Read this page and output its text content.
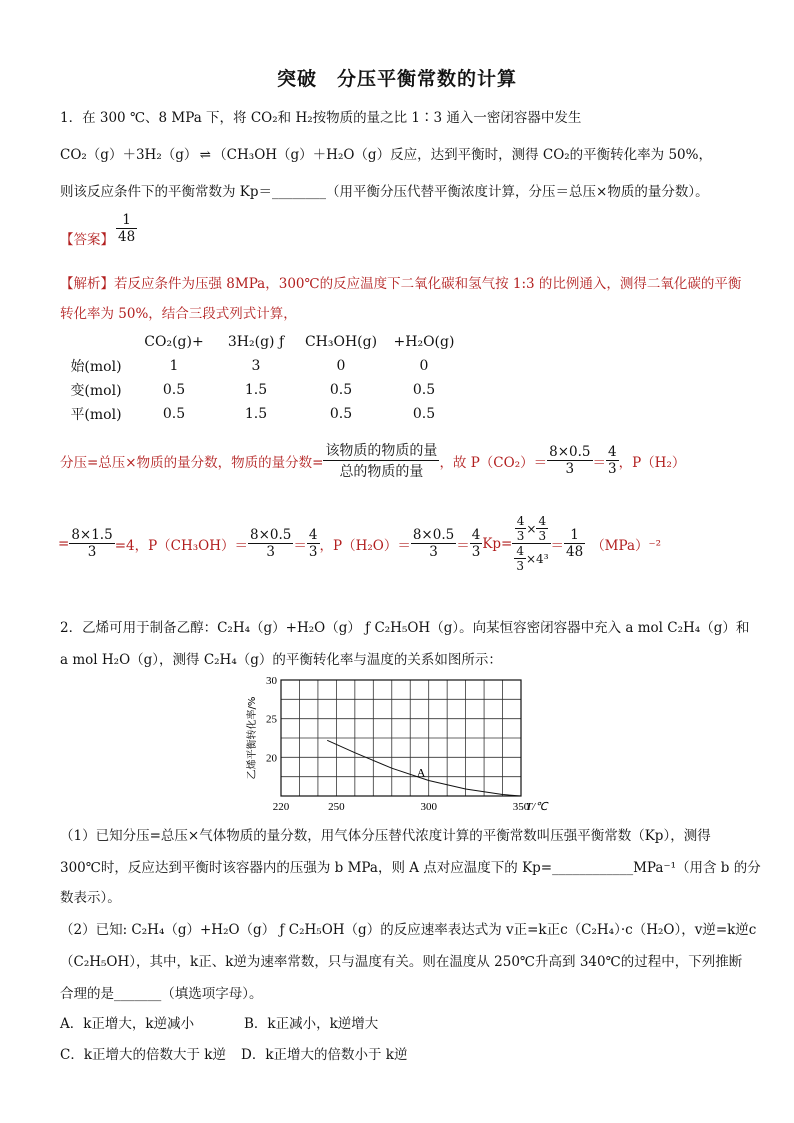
突破　分压平衡常数的计算
1．在 300 ℃、8 MPa 下，将 CO₂和 H₂按物质的量之比 1∶3 通入一密闭容器中发生
CO₂（g）＋3H₂（g） ⇌ （CH₃OH（g）＋H₂O（g）反应，达到平衡时，测得 CO₂的平衡转化率为 50%，
则该反应条件下的平衡常数为 Kp＝________（用平衡分压代替平衡浓度计算，分压＝总压×物质的量分数）。
【答案】 $\frac{1}{48}$
【解析】若反应条件为压强 8MPa，300℃的反应温度下二氧化碳和氢气按 1:3 的比例通入，测得二氧化碳的平衡
转化率为 50%，结合三段式列式计算，
	CO₂(g)+	3H₂(g) ƒ	CH₃OH(g)	+H₂O(g)
始(mol)	1	3	0	0
变(mol)	0.5	1.5	0.5	0.5
平(mol)	0.5	1.5	0.5	0.5
分压=总压×物质的量分数，物质的量分数=
该物质的物质的量
总的物质的量
，故 $P(CO_2)= \frac{8\times 0.5}{3} = \frac{4}{3}$ ，P（H₂）
= $\frac{8\times 1.5}{3} =4$，$P(CH_3OH)= \frac{8\times 0.5}{3} = \frac{4}{3}$ ，$P(H_2O)= \frac{8\times 0.5}{3} = \frac{4}{3} Kp= \frac{\frac{4}{3} \times \frac{4}{3}}{\frac{4}{3} \times 4^3} = \frac{1}{48} (MPa)^{-2}$
2．乙烯可用于制备乙醇：C₂H₄（g）+H₂O（g） ƒ C₂H₅OH（g）。向某恒容密闭容器中充入 a mol C₂H₄（g）和
a mol H₂O（g），测得 C₂H₄（g）的平衡转化率与温度的关系如图所示：
A
220	250	300	350
T/℃
20
25
30
乙烯平衡转化率/%
（1）已知分压=总压×气体物质的量分数，用气体分压替代浓度计算的平衡常数叫压强平衡常数（Kp），测得
300℃时，反应达到平衡时该容器内的压强为 b MPa，则 A 点对应温度下的 Kp=____________MPa⁻¹（用含 b 的分
数表示）。
（2）已知: C₂H₄（g）+H₂O（g） ƒ C₂H₅OH（g）的反应速率表达式为 v正=k正c（C₂H₄）·c（H₂O），v逆=k逆c
（C₂H₅OH），其中，k正、k逆为速率常数，只与温度有关。则在温度从 250℃升高到 340℃的过程中，下列推断
合理的是_______（填选项字母）。
A．k正增大，k逆减小	B．k正减小，k逆增大
C．k正增大的倍数大于 k逆 D．k正增大的倍数小于 k逆
